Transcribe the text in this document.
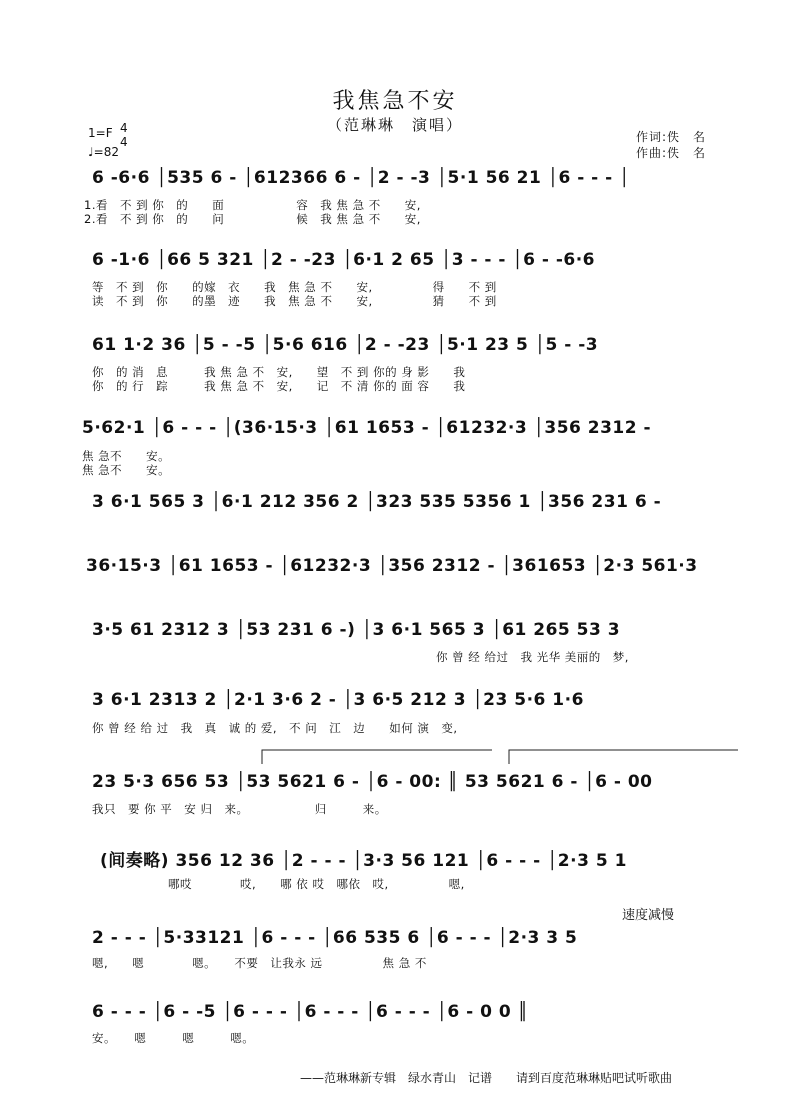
我焦急不安
（范琳琳　演唱）
1=F 4
4
♩=82
作词:佚　名
作曲:佚　名
6 ‑6·6 │535 6 ‑ │612366 6 ‑ │2 ‑ ‑3 │5·1 56 21 │6 ‑ ‑ ‑ │
1.看　不 到 你　的　　面　　　　　　容　我 焦 急 不　　安,
2.看　不 到 你　的　　问　　　　　　候　我 焦 急 不　　安,
6 ‑1·6 │66 5 321 │2 ‑ ‑23 │6·1 2 65 │3 ‑ ‑ ‑ │6 ‑ ‑6·6
等　不 到　你　　的嫁　衣　　我　焦 急 不　　安,　　　　　得　　不 到
读　不 到　你　　的墨　迹　　我　焦 急 不　　安,　　　　　猜　　不 到
61 1·2 36 │5 ‑ ‑5 │5·6 616 │2 ‑ ‑23 │5·1 23 5 │5 ‑ ‑3
你　的 消　息　　　我 焦 急 不　安,　　望　不 到 你的 身 影　　我
你　的 行　踪　　　我 焦 急 不　安,　　记　不 清 你的 面 容　　我
5·62·1 │6 ‑ ‑ ‑ │(36·15·3 │61 1653 ‑ │61232·3 │356 2312 ‑
焦 急不　　安。
焦 急不　　安。
3 6·1 565 3 │6·1 212 356 2 │323 535 5356 1 │356 231 6 ‑
36·15·3 │61 1653 ‑ │61232·3 │356 2312 ‑ │361653 │2·3 561·3
3·5 61 2312 3 │53 231 6 ‑) │3 6·1 565 3 │61 265 53 3
你 曾 经 给过　我 光华 美丽的　梦,
3 6·1 2313 2 │2·1 3·6 2 ‑ │3 6·5 212 3 │23 5·6 1·6
你 曾 经 给 过　我　真　诚 的 爱,　不 问　江　边　　如何 演　变,
23 5·3 656 53 │53 5621 6 ‑ │6 ‑ 00: ║ 53 5621 6 ‑ │6 ‑ 00
我只　要 你 平　安 归　来。　　　　　　归　　　来。
(间奏略) 356 12 36 │2 ‑ ‑ ‑ │3·3 56 121 │6 ‑ ‑ ‑ │2·3 5 1
哪哎　　　　哎,　　哪 依 哎　哪依　哎,　　　　　嗯,
速度减慢
2 ‑ ‑ ‑ │5·33121 │6 ‑ ‑ ‑ │66 535 6 │6 ‑ ‑ ‑ │2·3 3 5
嗯,　　嗯　　　　嗯。　　不要　让我永 远　　　　　焦 急 不
6 ‑ ‑ ‑ │6 ‑ ‑5 │6 ‑ ‑ ‑ │6 ‑ ‑ ‑ │6 ‑ ‑ ‑ │6 ‑ 0 0 ║
安。　　嗯　　　嗯　　　嗯。
——范琳琳新专辑　绿水青山　记谱　　请到百度范琳琳贴吧试听歌曲
